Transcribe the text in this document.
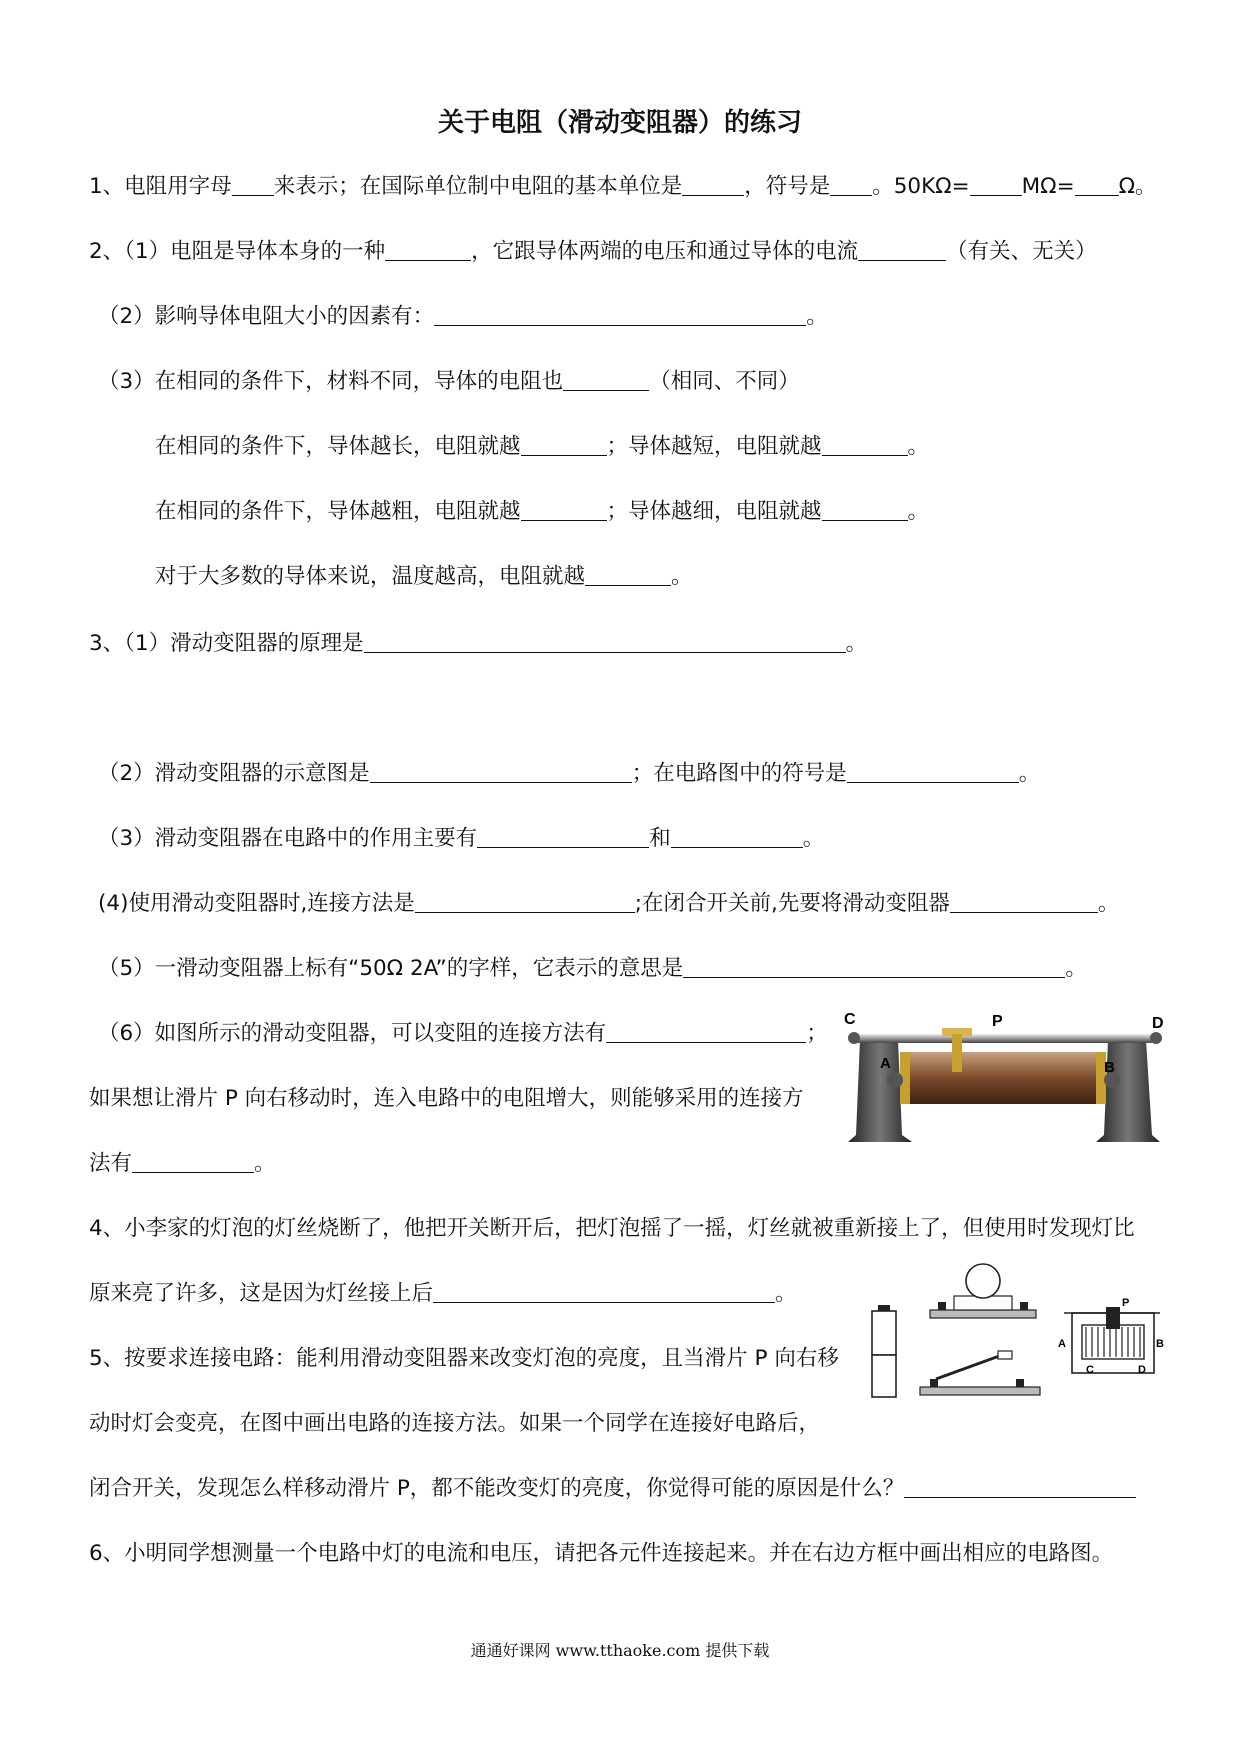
关于电阻（滑动变阻器）的练习
1、电阻用字母 来表示；在国际单位制中电阻的基本单位是	，符号是 。50KΩ= MΩ= Ω。
2、（1）电阻是导体本身的一种	，它跟导体两端的电压和通过导体的电流	（有关、无关）
（2）影响导体电阻大小的因素有：	。
（3）在相同的条件下，材料不同，导体的电阻也	（相同、不同）
在相同的条件下，导体越长，电阻就越	；导体越短，电阻就越	。
在相同的条件下，导体越粗，电阻就越	；导体越细，电阻就越	。
对于大多数的导体来说，温度越高，电阻就越	。
3、（1）滑动变阻器的原理是	。
（2）滑动变阻器的示意图是	；在电路图中的符号是	。
（3）滑动变阻器在电路中的作用主要有	和	。
(4)使用滑动变阻器时,连接方法是	;在闭合开关前,先要将滑动变阻器	。
（5）一滑动变阻器上标有“50Ω 2A”的字样，它表示的意思是	。
（6）如图所示的滑动变阻器，可以变阻的连接方法有	；
如果想让滑片 P 向右移动时，连入电路中的电阻增大，则能够采用的连接方
法有	。
C	P	D
A	B
4、小李家的灯泡的灯丝烧断了，他把开关断开后，把灯泡摇了一摇，灯丝就被重新接上了，但使用时发现灯比
原来亮了许多，这是因为灯丝接上后	。
5、按要求连接电路：能利用滑动变阻器来改变灯泡的亮度，且当滑片 P 向右移
动时灯会变亮，在图中画出电路的连接方法。如果一个同学在连接好电路后，
闭合开关，发现怎么样移动滑片 P，都不能改变灯的亮度，你觉得可能的原因是什么？
P
A	B
C	D
6、小明同学想测量一个电路中灯的电流和电压，请把各元件连接起来。并在右边方框中画出相应的电路图。
通通好课网 www.tthaoke.com 提供下载
